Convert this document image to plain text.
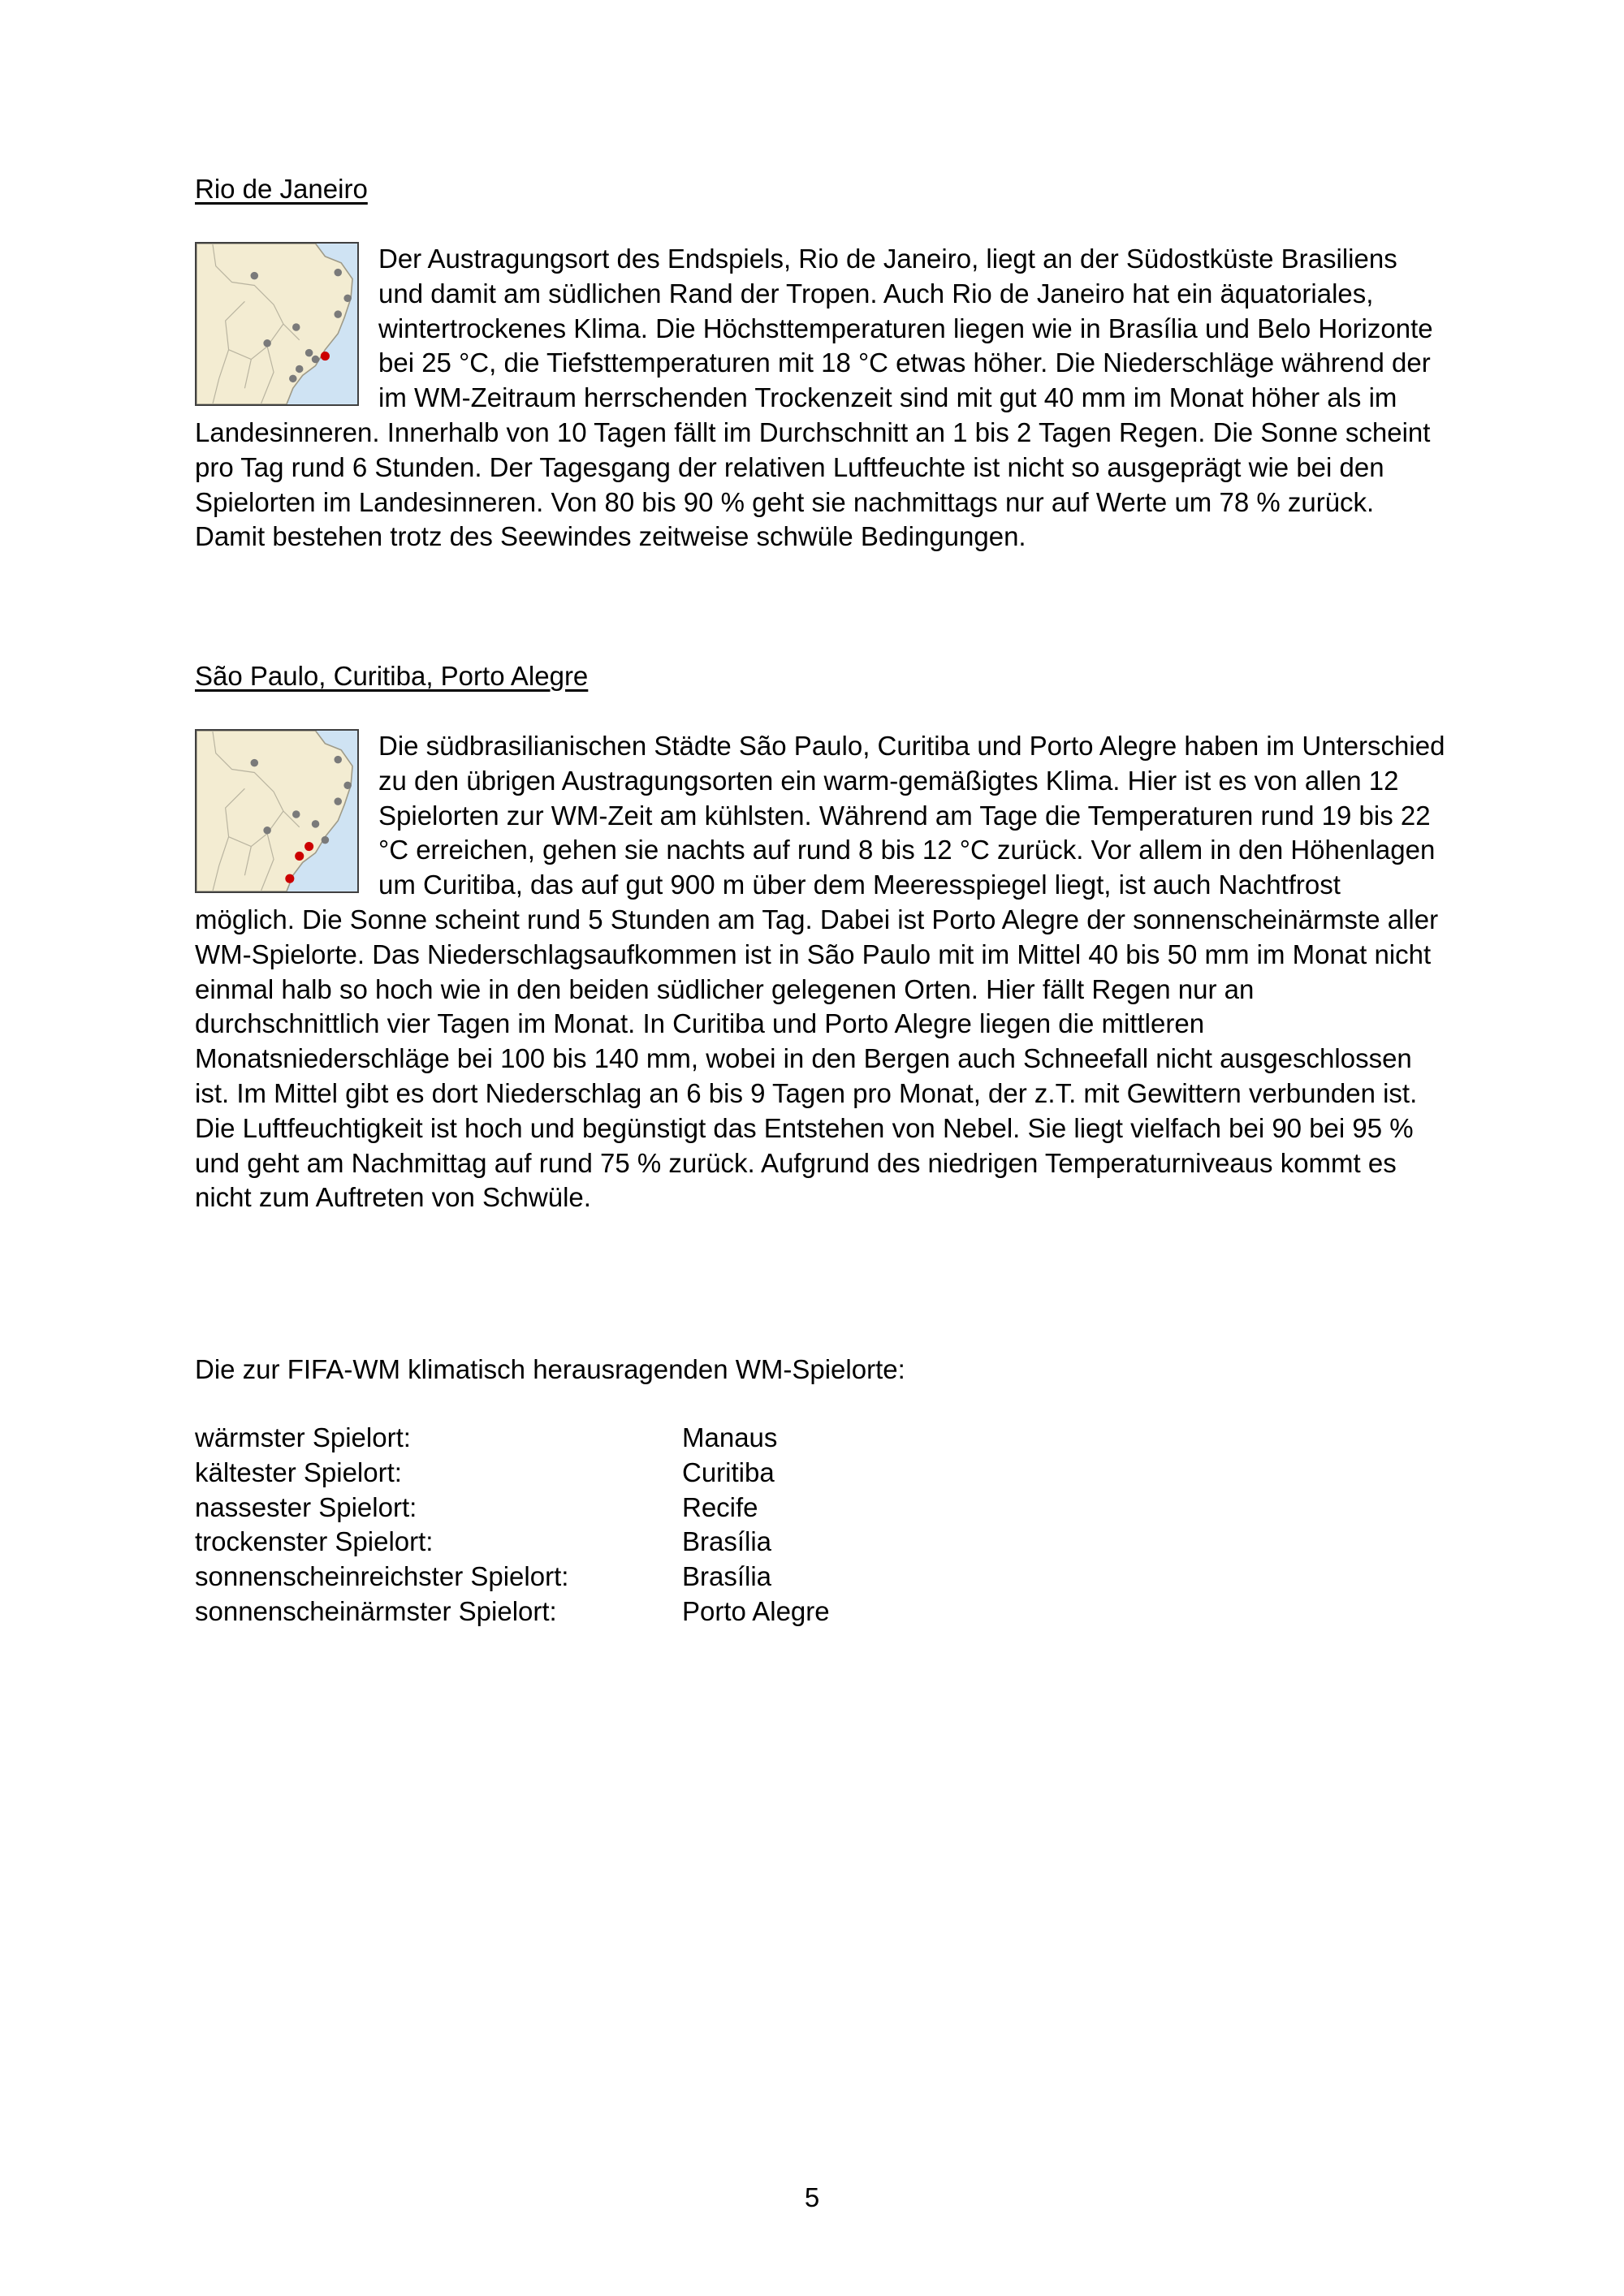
Rio de Janeiro

Der Austragungsort des Endspiels, Rio de Janeiro, liegt an der Südostküste Brasiliens und damit am südlichen Rand der Tropen. Auch Rio de Janeiro hat ein äquatoriales, wintertrockenes Klima. Die Höchsttemperaturen liegen wie in Brasília und Belo Horizonte bei 25 °C, die Tiefsttemperaturen mit 18 °C etwas höher. Die Niederschläge während der im WM-Zeitraum herrschenden Trockenzeit sind mit gut 40 mm im Monat höher als im Landesinneren. Innerhalb von 10 Tagen fällt im Durchschnitt an 1 bis 2 Tagen Regen. Die Sonne scheint pro Tag rund 6 Stunden. Der Tagesgang der relativen Luftfeuchte ist nicht so ausgeprägt wie bei den Spielorten im Landesinneren. Von 80 bis 90 % geht sie nachmittags nur auf Werte um 78 % zurück. Damit bestehen trotz des Seewindes zeitweise schwüle Bedingungen.

São Paulo, Curitiba, Porto Alegre

Die südbrasilianischen Städte São Paulo, Curitiba und Porto Alegre haben im Unterschied zu den übrigen Austragungsorten ein warm-gemäßigtes Klima. Hier ist es von allen 12 Spielorten zur WM-Zeit am kühlsten. Während am Tage die Temperaturen rund 19 bis 22 °C erreichen, gehen sie nachts auf rund 8 bis 12 °C zurück. Vor allem in den Höhenlagen um Curitiba, das auf gut 900 m über dem Meeresspiegel liegt, ist auch Nachtfrost möglich. Die Sonne scheint rund 5 Stunden am Tag. Dabei ist Porto Alegre der sonnenscheinärmste aller WM-Spielorte. Das Niederschlagsaufkommen ist in São Paulo mit im Mittel 40 bis 50 mm im Monat nicht einmal halb so hoch wie in den beiden südlicher gelegenen Orten. Hier fällt Regen nur an durchschnittlich vier Tagen im Monat. In Curitiba und Porto Alegre liegen die mittleren Monatsniederschläge bei 100 bis 140 mm, wobei in den Bergen auch Schneefall nicht ausgeschlossen ist. Im Mittel gibt es dort Niederschlag an 6 bis 9 Tagen pro Monat, der z.T. mit Gewittern verbunden ist. Die Luftfeuchtigkeit ist hoch und begünstigt das Entstehen von Nebel. Sie liegt vielfach bei 90 bei 95 % und geht am Nachmittag auf rund 75 % zurück. Aufgrund des niedrigen Temperaturniveaus kommt es nicht zum Auftreten von Schwüle.

Die zur FIFA-WM klimatisch herausragenden WM-Spielorte:

wärmster Spielort:	Manaus
kältester Spielort:	Curitiba
nassester Spielort:	Recife
trockenster Spielort:	Brasília
sonnenscheinreichster Spielort:	Brasília
sonnenscheinärmster Spielort:	Porto Alegre
5
